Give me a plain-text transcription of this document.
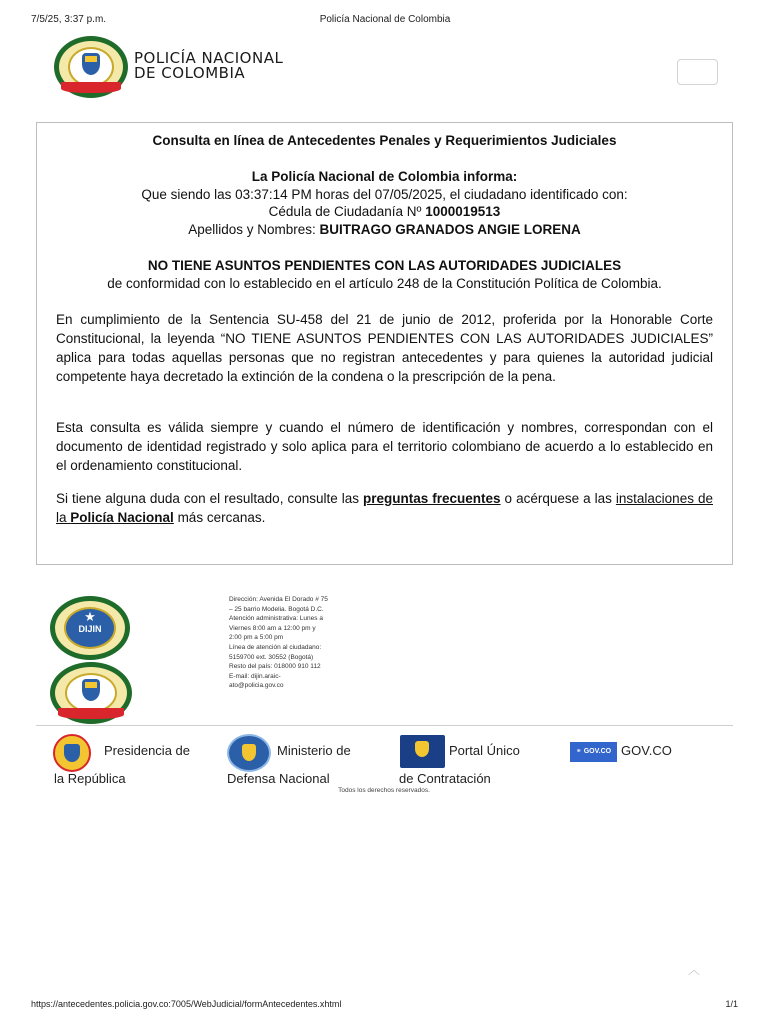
7/5/25, 3:37 p.m.	Policía Nacional de Colombia
POLICÍA NACIONAL
DE COLOMBIA
Consulta en línea de Antecedentes Penales y Requerimientos Judiciales
La Policía Nacional de Colombia informa:
Que siendo las 03:37:14 PM horas del 07/05/2025, el ciudadano identificado con:
Cédula de Ciudadanía Nº 1000019513
Apellidos y Nombres: BUITRAGO GRANADOS ANGIE LORENA
NO TIENE ASUNTOS PENDIENTES CON LAS AUTORIDADES JUDICIALES
de conformidad con lo establecido en el artículo 248 de la Constitución Política de Colombia.

En cumplimiento de la Sentencia SU-458 del 21 de junio de 2012, proferida por la Honorable Corte Constitucional, la leyenda “NO TIENE ASUNTOS PENDIENTES CON LAS AUTORIDADES JUDICIALES” aplica para todas aquellas personas que no registran antecedentes y para quienes la autoridad judicial competente haya decretado la extinción de la condena o la prescripción de la pena.

Esta consulta es válida siempre y cuando el número de identificación y nombres, correspondan con el documento de identidad registrado y solo aplica para el territorio colombiano de acuerdo a lo establecido en el ordenamiento constitucional.

Si tiene alguna duda con el resultado, consulte las preguntas frecuentes o acérquese a las instalaciones de la Policía Nacional más cercanas.

★
DIJIN
Dirección: Avenida El Dorado # 75
– 25 barrio Modelia. Bogotá D.C.
Atención administrativa: Lunes a
Viernes 8:00 am a 12:00 pm y
2:00 pm a 5:00 pm
Línea de atención al ciudadano:
5159700 ext. 30552 (Bogotá)
Resto del país: 018000 910 112
E-mail: dijin.araic-
ato@policia.gov.co
Presidencia de
la República
Ministerio de
Defensa Nacional
Portal Único
de Contratación
⚭ GOV.CO GOV.CO
Todos los derechos reservados.
︿
https://antecedentes.policia.gov.co:7005/WebJudicial/formAntecedentes.xhtml	1/1
